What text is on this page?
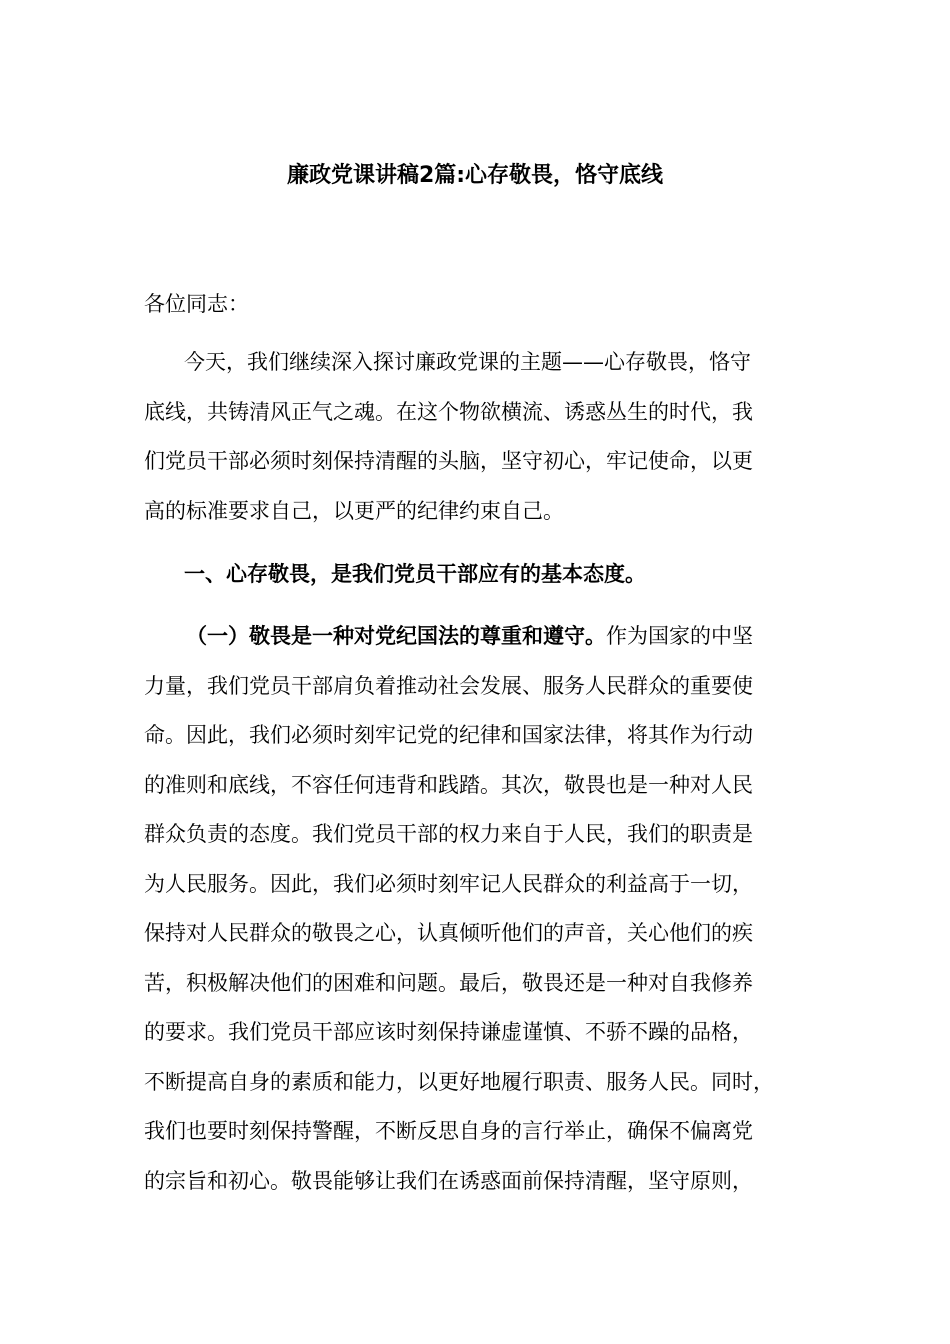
廉政党课讲稿2篇:心存敬畏，恪守底线

各位同志：

今天，我们继续深入探讨廉政党课的主题——心存敬畏，恪守
底线，共铸清风正气之魂。在这个物欲横流、诱惑丛生的时代，我
们党员干部必须时刻保持清醒的头脑，坚守初心，牢记使命，以更
高的标准要求自己，以更严的纪律约束自己。

一、心存敬畏，是我们党员干部应有的基本态度。

（一）敬畏是一种对党纪国法的尊重和遵守。作为国家的中坚
力量，我们党员干部肩负着推动社会发展、服务人民群众的重要使
命。因此，我们必须时刻牢记党的纪律和国家法律，将其作为行动
的准则和底线，不容任何违背和践踏。其次，敬畏也是一种对人民
群众负责的态度。我们党员干部的权力来自于人民，我们的职责是
为人民服务。因此，我们必须时刻牢记人民群众的利益高于一切，
保持对人民群众的敬畏之心，认真倾听他们的声音，关心他们的疾
苦，积极解决他们的困难和问题。最后，敬畏还是一种对自我修养
的要求。我们党员干部应该时刻保持谦虚谨慎、不骄不躁的品格，
不断提高自身的素质和能力，以更好地履行职责、服务人民。同时，
我们也要时刻保持警醒，不断反思自身的言行举止，确保不偏离党
的宗旨和初心。敬畏能够让我们在诱惑面前保持清醒，坚守原则，
